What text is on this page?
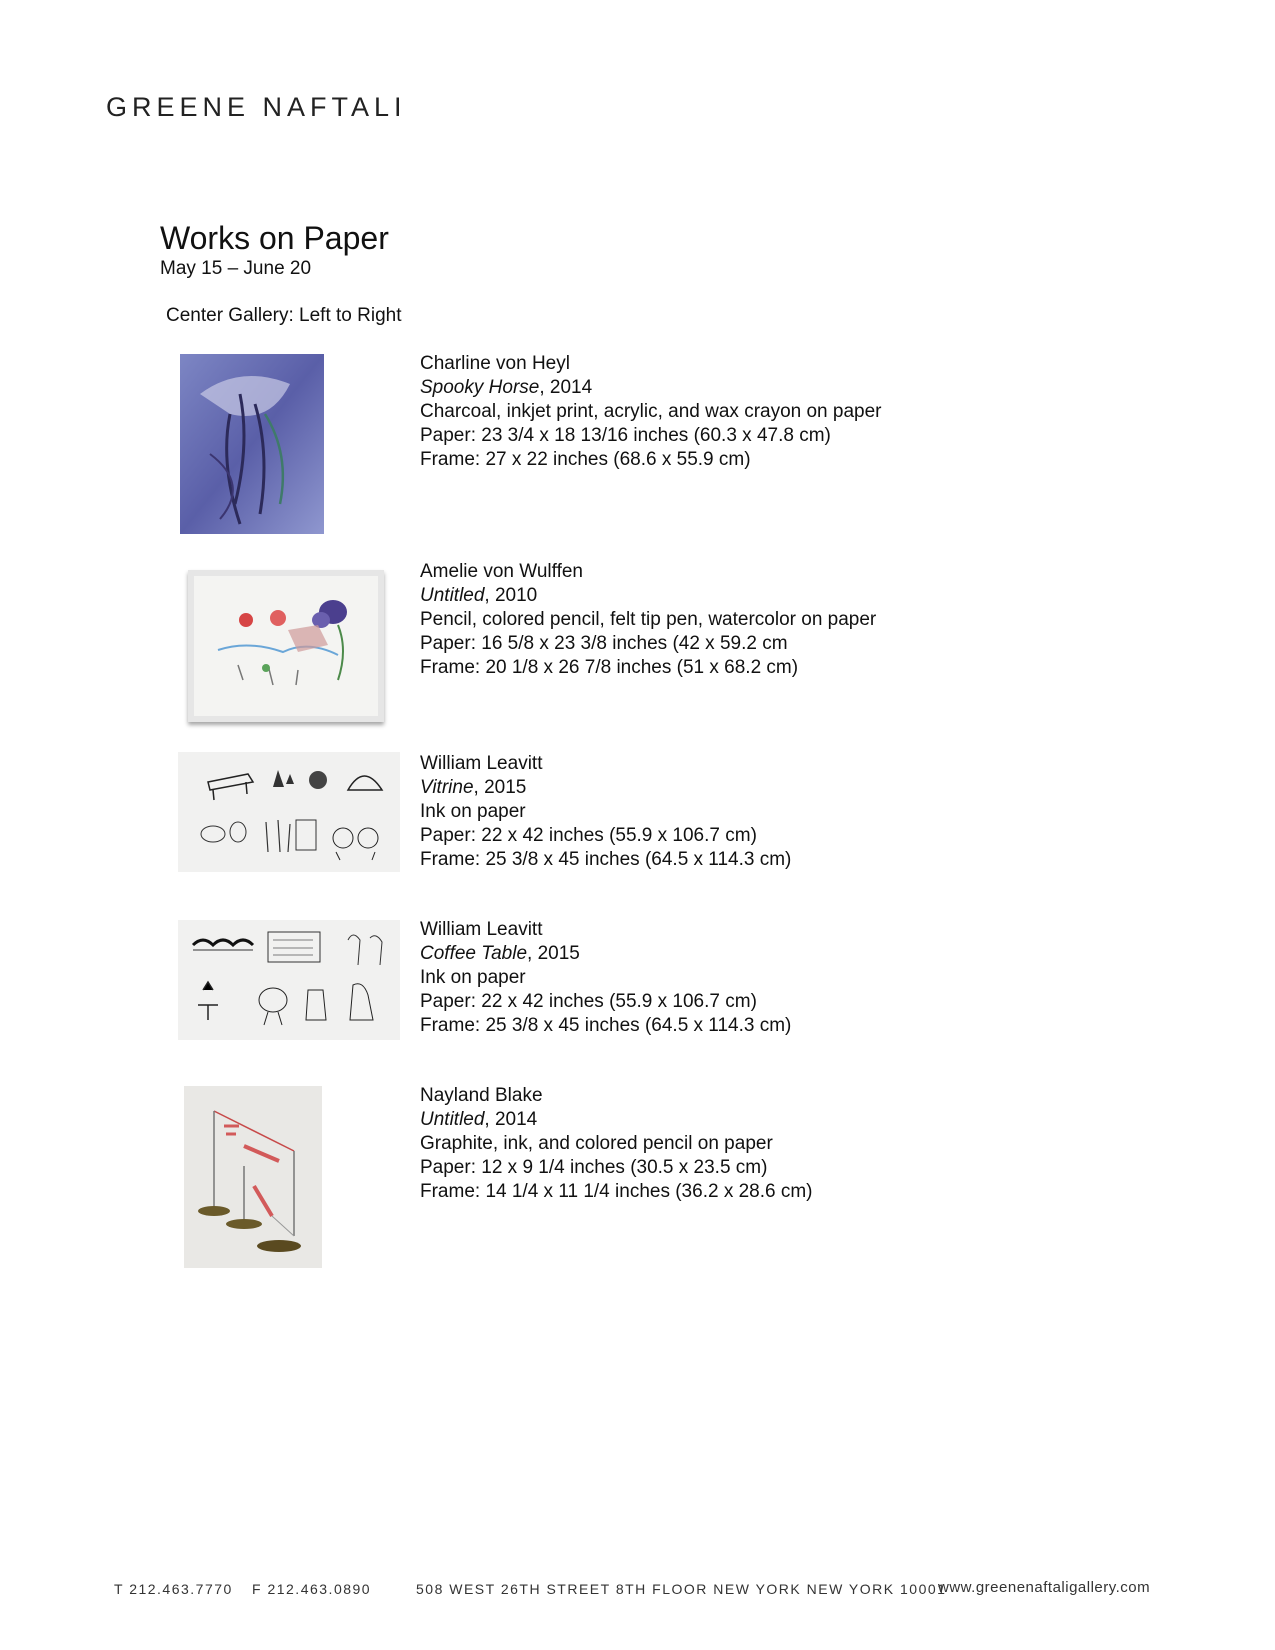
GREENE NAFTALI
Works on Paper
May 15 – June 20
Center Gallery: Left to Right
Charline von Heyl
Spooky Horse, 2014
Charcoal, inkjet print, acrylic, and wax crayon on paper
Paper: 23 3/4 x 18 13/16 inches (60.3 x 47.8 cm)
Frame: 27 x 22 inches (68.6 x 55.9 cm)
Amelie von Wulffen
Untitled, 2010
Pencil, colored pencil, felt tip pen, watercolor on paper
Paper: 16 5/8 x 23 3/8 inches (42 x 59.2 cm
Frame: 20 1/8 x 26 7/8 inches (51 x 68.2 cm)
William Leavitt
Vitrine, 2015
Ink on paper
Paper: 22 x 42 inches (55.9 x 106.7 cm)
Frame: 25 3/8 x 45 inches (64.5 x 114.3 cm)
William Leavitt
Coffee Table, 2015
Ink on paper
Paper: 22 x 42 inches (55.9 x 106.7 cm)
Frame: 25 3/8 x 45 inches (64.5 x 114.3 cm)
Nayland Blake
Untitled, 2014
Graphite, ink, and colored pencil on paper
Paper: 12 x 9 1/4 inches (30.5 x 23.5 cm)
Frame: 14 1/4 x 11 1/4 inches (36.2 x 28.6 cm)
T 212.463.7770 F 212.463.0890	508 WEST 26TH STREET 8TH FLOOR NEW YORK NEW YORK 10001
www.greenenaftaligallery.com
